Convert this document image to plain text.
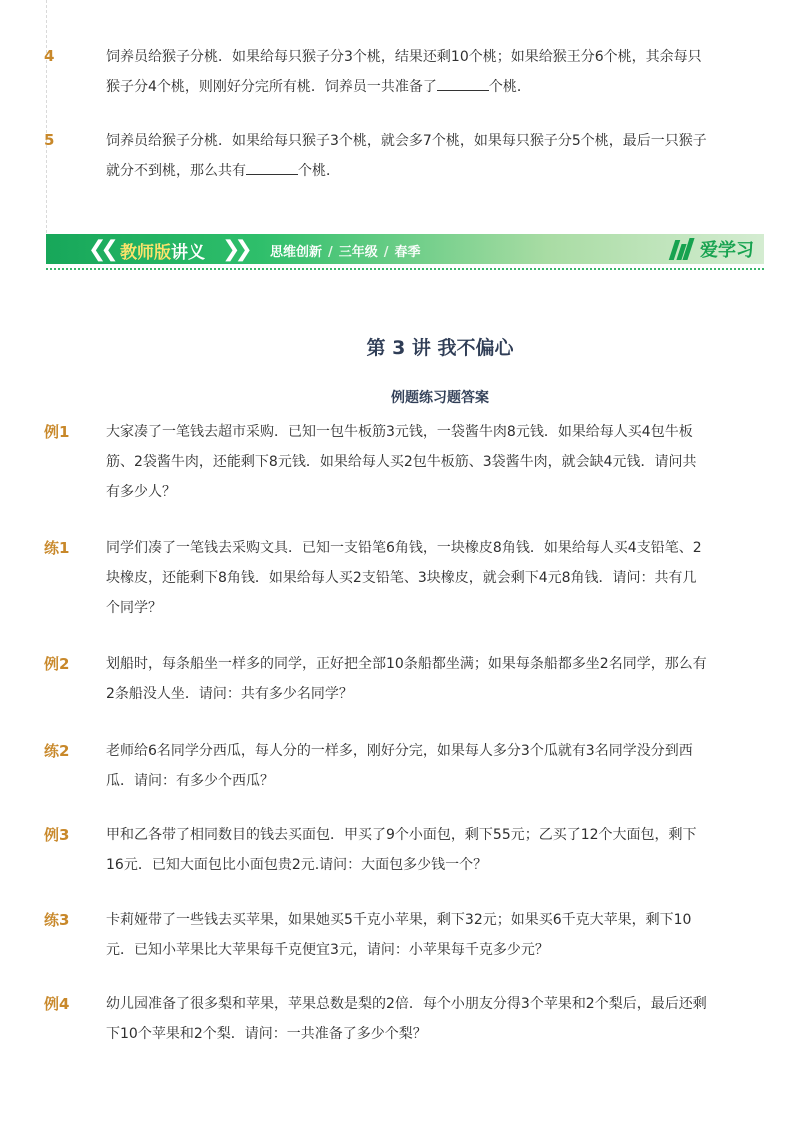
4	饲养员给猴子分桃．如果给每只猴子分3个桃，结果还剩10个桃；如果给猴王分6个桃，其余每只
猴子分4个桃，则刚好分完所有桃．饲养员一共准备了	个桃．
5	饲养员给猴子分桃．如果给每只猴子3个桃，就会多7个桃，如果每只猴子分5个桃，最后一只猴子
就分不到桃，那么共有	个桃．
❮❮ 教师版讲义 ❯❯ 思维创新 / 三年级 / 春季	爱学习
第 3 讲 我不偏心
例题练习题答案
例1	大家凑了一笔钱去超市采购．已知一包牛板筋3元钱，一袋酱牛肉8元钱．如果给每人买4包牛板
筋、2袋酱牛肉，还能剩下8元钱．如果给每人买2包牛板筋、3袋酱牛肉，就会缺4元钱．请问共
有多少人？
练1	同学们凑了一笔钱去采购文具．已知一支铅笔6角钱，一块橡皮8角钱．如果给每人买4支铅笔、2
块橡皮，还能剩下8角钱．如果给每人买2支铅笔、3块橡皮，就会剩下4元8角钱．请问：共有几
个同学？
例2	划船时，每条船坐一样多的同学，正好把全部10条船都坐满；如果每条船都多坐2名同学，那么有
2条船没人坐．请问：共有多少名同学？
练2	老师给6名同学分西瓜，每人分的一样多，刚好分完，如果每人多分3个瓜就有3名同学没分到西
瓜．请问：有多少个西瓜？
例3	甲和乙各带了相同数目的钱去买面包．甲买了9个小面包，剩下55元；乙买了12个大面包，剩下
16元．已知大面包比小面包贵2元.请问：大面包多少钱一个？
练3	卡莉娅带了一些钱去买苹果，如果她买5千克小苹果，剩下32元；如果买6千克大苹果，剩下10
元．已知小苹果比大苹果每千克便宜3元，请问：小苹果每千克多少元？
例4	幼儿园准备了很多梨和苹果，苹果总数是梨的2倍．每个小朋友分得3个苹果和2个梨后，最后还剩
下10个苹果和2个梨．请问：一共准备了多少个梨？
